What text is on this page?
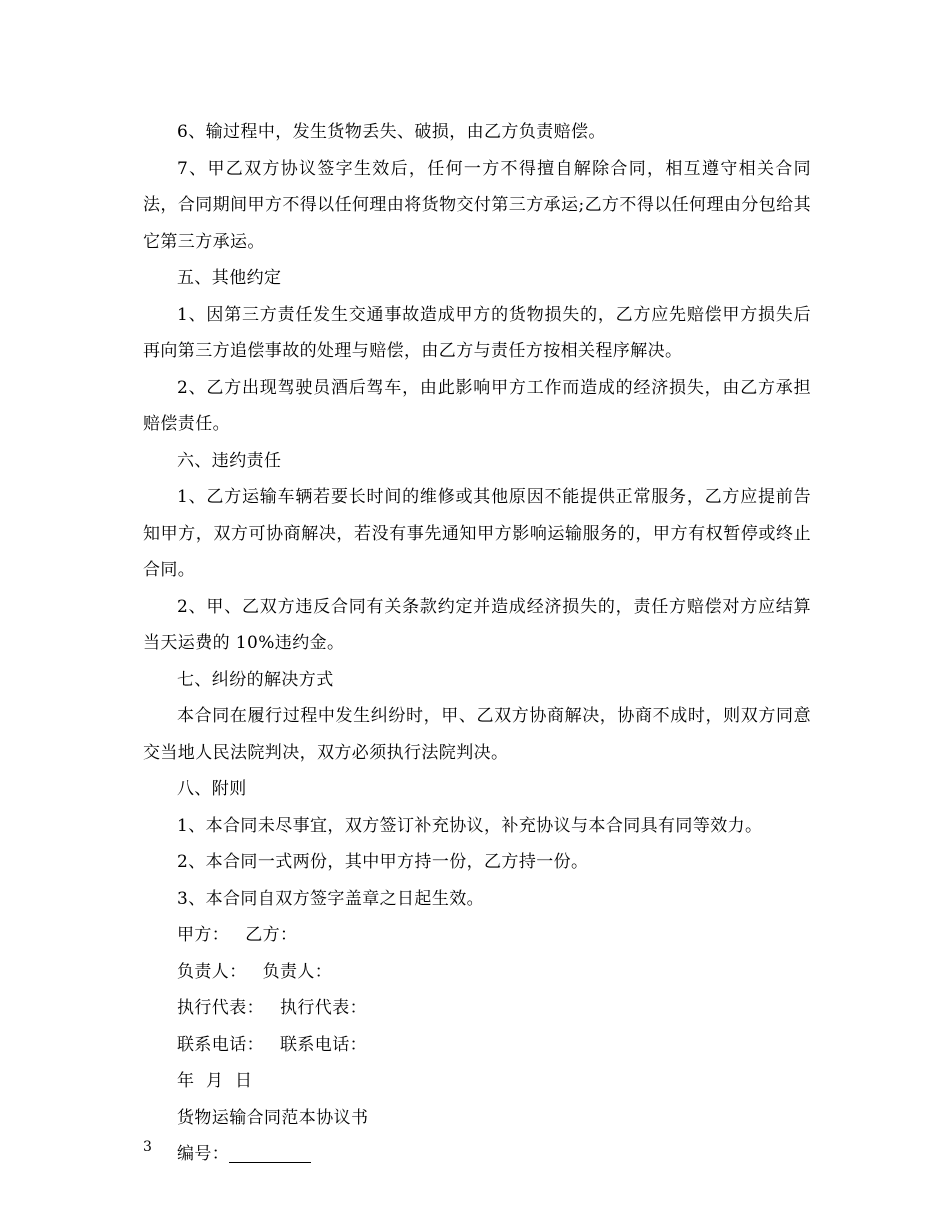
6、输过程中，发生货物丢失、破损，由乙方负责赔偿。

7、甲乙双方协议签字生效后，任何一方不得擅自解除合同，相互遵守相关合同法，合同期间甲方不得以任何理由将货物交付第三方承运;乙方不得以任何理由分包给其它第三方承运。

五、其他约定

1、因第三方责任发生交通事故造成甲方的货物损失的，乙方应先赔偿甲方损失后再向第三方追偿事故的处理与赔偿，由乙方与责任方按相关程序解决。

2、乙方出现驾驶员酒后驾车，由此影响甲方工作而造成的经济损失，由乙方承担赔偿责任。

六、违约责任

1、乙方运输车辆若要长时间的维修或其他原因不能提供正常服务，乙方应提前告知甲方，双方可协商解决，若没有事先通知甲方影响运输服务的，甲方有权暂停或终止合同。

2、甲、乙双方违反合同有关条款约定并造成经济损失的，责任方赔偿对方应结算当天运费的 10%违约金。

七、纠纷的解决方式

本合同在履行过程中发生纠纷时，甲、乙双方协商解决，协商不成时，则双方同意交当地人民法院判决，双方必须执行法院判决。

八、附则

1、本合同未尽事宜，双方签订补充协议，补充协议与本合同具有同等效力。

2、本合同一式两份，其中甲方持一份，乙方持一份。

3、本合同自双方签字盖章之日起生效。

甲方： 乙方：

负责人： 负责人：

执行代表： 执行代表：

联系电话： 联系电话：

年  月  日

货物运输合同范本协议书

编号：

3
